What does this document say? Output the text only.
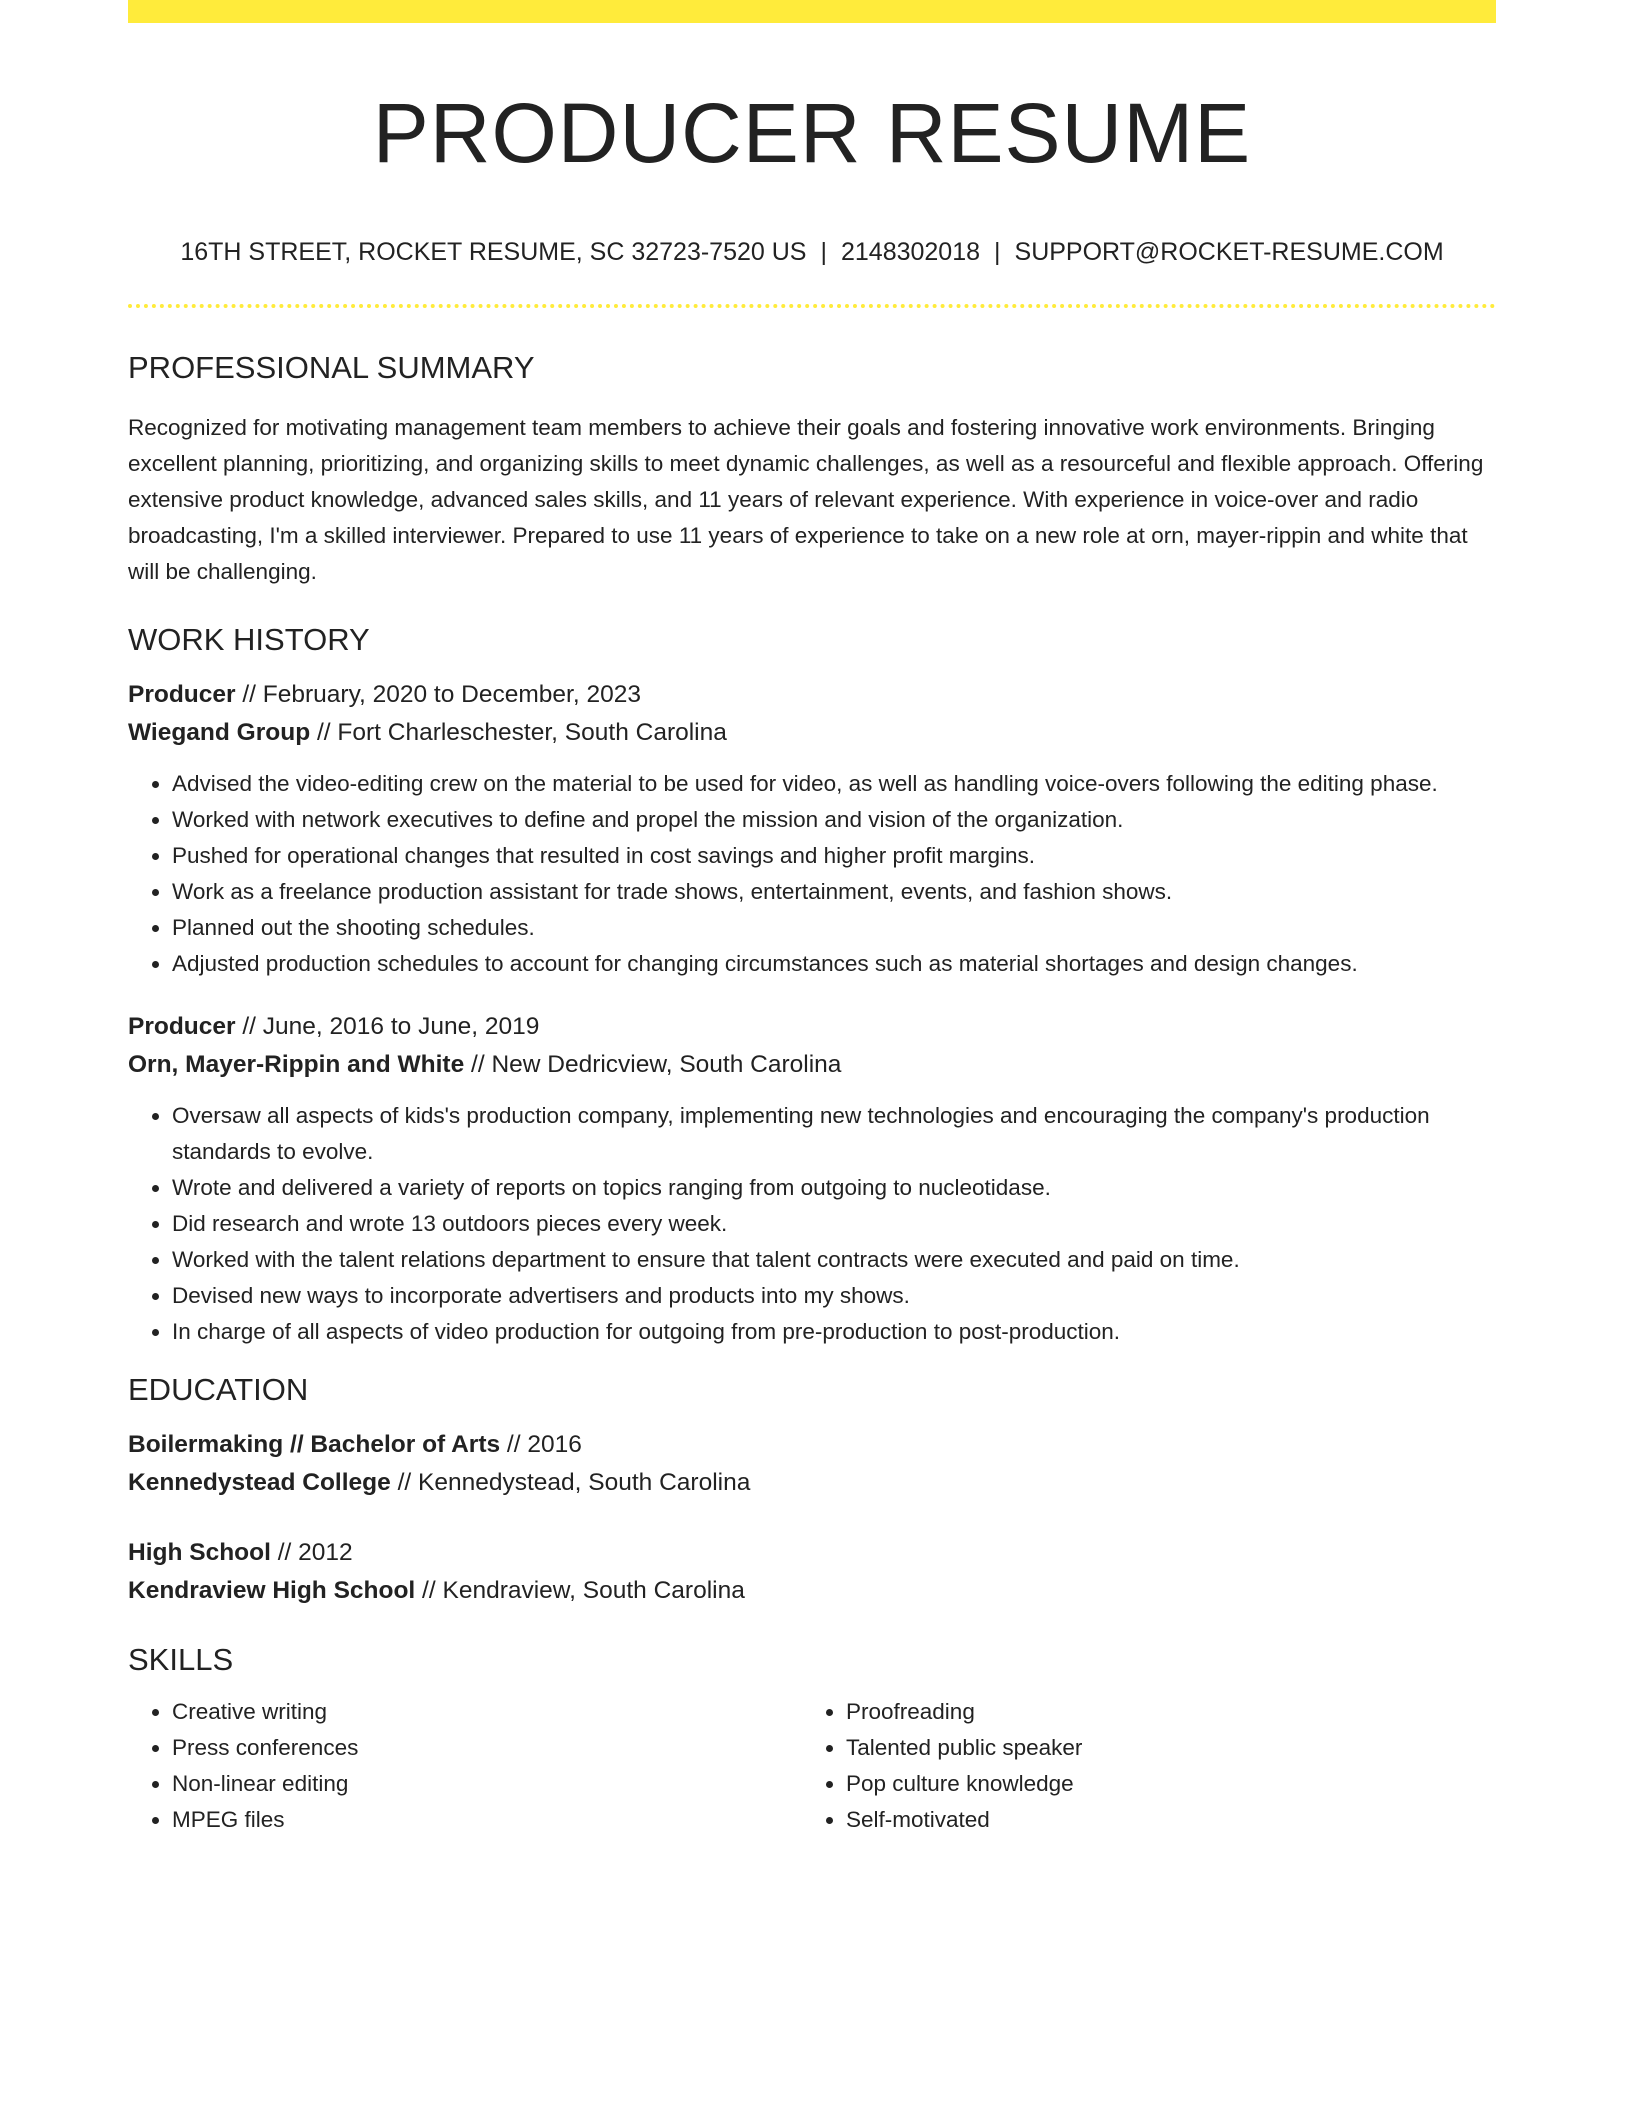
PRODUCER RESUME
16TH STREET, ROCKET RESUME, SC 32723-7520 US | 2148302018 | SUPPORT@ROCKET-RESUME.COM
PROFESSIONAL SUMMARY
Recognized for motivating management team members to achieve their goals and fostering innovative work environments. Bringing excellent planning, prioritizing, and organizing skills to meet dynamic challenges, as well as a resourceful and flexible approach. Offering extensive product knowledge, advanced sales skills, and 11 years of relevant experience. With experience in voice-over and radio broadcasting, I'm a skilled interviewer. Prepared to use 11 years of experience to take on a new role at orn, mayer-rippin and white that will be challenging.
WORK HISTORY
Producer // February, 2020 to December, 2023
Wiegand Group // Fort Charleschester, South Carolina
• Advised the video-editing crew on the material to be used for video, as well as handling voice-overs following the editing phase.
• Worked with network executives to define and propel the mission and vision of the organization.
• Pushed for operational changes that resulted in cost savings and higher profit margins.
• Work as a freelance production assistant for trade shows, entertainment, events, and fashion shows.
• Planned out the shooting schedules.
• Adjusted production schedules to account for changing circumstances such as material shortages and design changes.
Producer // June, 2016 to June, 2019
Orn, Mayer-Rippin and White // New Dedricview, South Carolina
• Oversaw all aspects of kids's production company, implementing new technologies and encouraging the company's production standards to evolve.
• Wrote and delivered a variety of reports on topics ranging from outgoing to nucleotidase.
• Did research and wrote 13 outdoors pieces every week.
• Worked with the talent relations department to ensure that talent contracts were executed and paid on time.
• Devised new ways to incorporate advertisers and products into my shows.
• In charge of all aspects of video production for outgoing from pre-production to post-production.
EDUCATION
Boilermaking // Bachelor of Arts // 2016
Kennedystead College // Kennedystead, South Carolina
High School // 2012
Kendraview High School // Kendraview, South Carolina
SKILLS
• Creative writing
• Press conferences
• Non-linear editing
• MPEG files
• Proofreading
• Talented public speaker
• Pop culture knowledge
• Self-motivated
